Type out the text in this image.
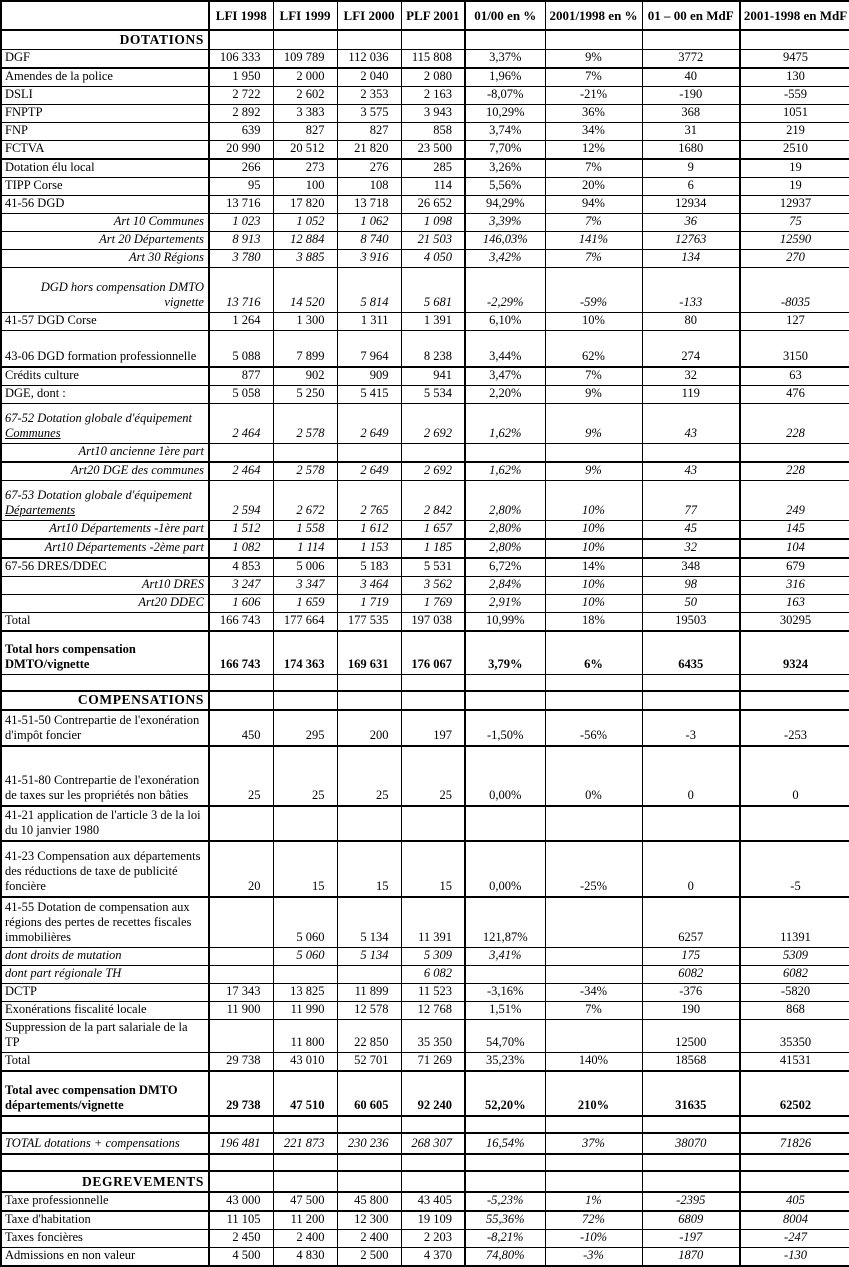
	LFI 1998	LFI 1999	LFI 2000	PLF 2001	01/00 en %	2001/1998 en %	01 – 00 en MdF	2001-1998 en MdF
DOTATIONS								
DGF	106 333	109 789	112 036	115 808	3,37%	9%	3772	9475
Amendes de la police	1 950	2 000	2 040	2 080	1,96%	7%	40	130
DSLI	2 722	2 602	2 353	2 163	-8,07%	-21%	-190	-559
FNPTP	2 892	3 383	3 575	3 943	10,29%	36%	368	1051
FNP	639	827	827	858	3,74%	34%	31	219
FCTVA	20 990	20 512	21 820	23 500	7,70%	12%	1680	2510
Dotation élu local	266	273	276	285	3,26%	7%	9	19
TIPP Corse	95	100	108	114	5,56%	20%	6	19
41-56 DGD	13 716	17 820	13 718	26 652	94,29%	94%	12934	12937
Art 10 Communes	1 023	1 052	1 062	1 098	3,39%	7%	36	75
Art 20 Départements	8 913	12 884	8 740	21 503	146,03%	141%	12763	12590
Art 30 Régions	3 780	3 885	3 916	4 050	3,42%	7%	134	270

DGD hors compensation DMTO
vignette	13 716	14 520	5 814	5 681	-2,29%	-59%	-133	-8035
41-57 DGD Corse	1 264	1 300	1 311	1 391	6,10%	10%	80	127
43-06 DGD formation professionnelle	5 088	7 899	7 964	8 238	3,44%	62%	274	3150
Crédits culture	877	902	909	941	3,47%	7%	32	63
DGE, dont :	5 058	5 250	5 415	5 534	2,20%	9%	119	476

67-52 Dotation globale d'équipement
Communes	2 464	2 578	2 649	2 692	1,62%	9%	43	228
Art10 ancienne 1ère part								
Art20 DGE des communes	2 464	2 578	2 649	2 692	1,62%	9%	43	228

67-53 Dotation globale d'équipement
Départements	2 594	2 672	2 765	2 842	2,80%	10%	77	249
Art10 Départements -1ère part	1 512	1 558	1 612	1 657	2,80%	10%	45	145
Art10 Départements -2ème part	1 082	1 114	1 153	1 185	2,80%	10%	32	104
67-56 DRES/DDEC	4 853	5 006	5 183	5 531	6,72%	14%	348	679
Art10 DRES	3 247	3 347	3 464	3 562	2,84%	10%	98	316
Art20 DDEC	1 606	1 659	1 719	1 769	2,91%	10%	50	163
Total	166 743	177 664	177 535	197 038	10,99%	18%	19503	30295

Total hors compensation
DMTO/vignette	166 743	174 363	169 631	176 067	3,79%	6%	6435	9324

COMPENSATIONS								
41-51-50 Contrepartie de l'exonération d'impôt foncier	450	295	200	197	-1,50%	-56%	-3	-253
41-51-80 Contrepartie de l'exonération de taxes sur les propriétés non bâties	25	25	25	25	0,00%	0%	0	0
41-21 application de l'article 3 de la loi du 10 janvier 1980								
41-23 Compensation aux départements des réductions de taxe de publicité foncière	20	15	15	15	0,00%	-25%	0	-5
41-55 Dotation de compensation aux régions des pertes de recettes fiscales immobilières		5 060	5 134	11 391	121,87%		6257	11391
dont droits de mutation		5 060	5 134	5 309	3,41%		175	5309
dont part régionale TH				6 082			6082	6082
DCTP	17 343	13 825	11 899	11 523	-3,16%	-34%	-376	-5820
Exonérations fiscalité locale	11 900	11 990	12 578	12 768	1,51%	7%	190	868
Suppression de la part salariale de la TP		11 800	22 850	35 350	54,70%		12500	35350
Total	29 738	43 010	52 701	71 269	35,23%	140%	18568	41531

Total avec compensation DMTO
départements/vignette	29 738	47 510	60 605	92 240	52,20%	210%	31635	62502

TOTAL dotations + compensations	196 481	221 873	230 236	268 307	16,54%	37%	38070	71826

DEGREVEMENTS								
Taxe professionnelle	43 000	47 500	45 800	43 405	-5,23%	1%	-2395	405
Taxe d'habitation	11 105	11 200	12 300	19 109	55,36%	72%	6809	8004
Taxes foncières	2 450	2 400	2 400	2 203	-8,21%	-10%	-197	-247
Admissions en non valeur	4 500	4 830	2 500	4 370	74,80%	-3%	1870	-130
